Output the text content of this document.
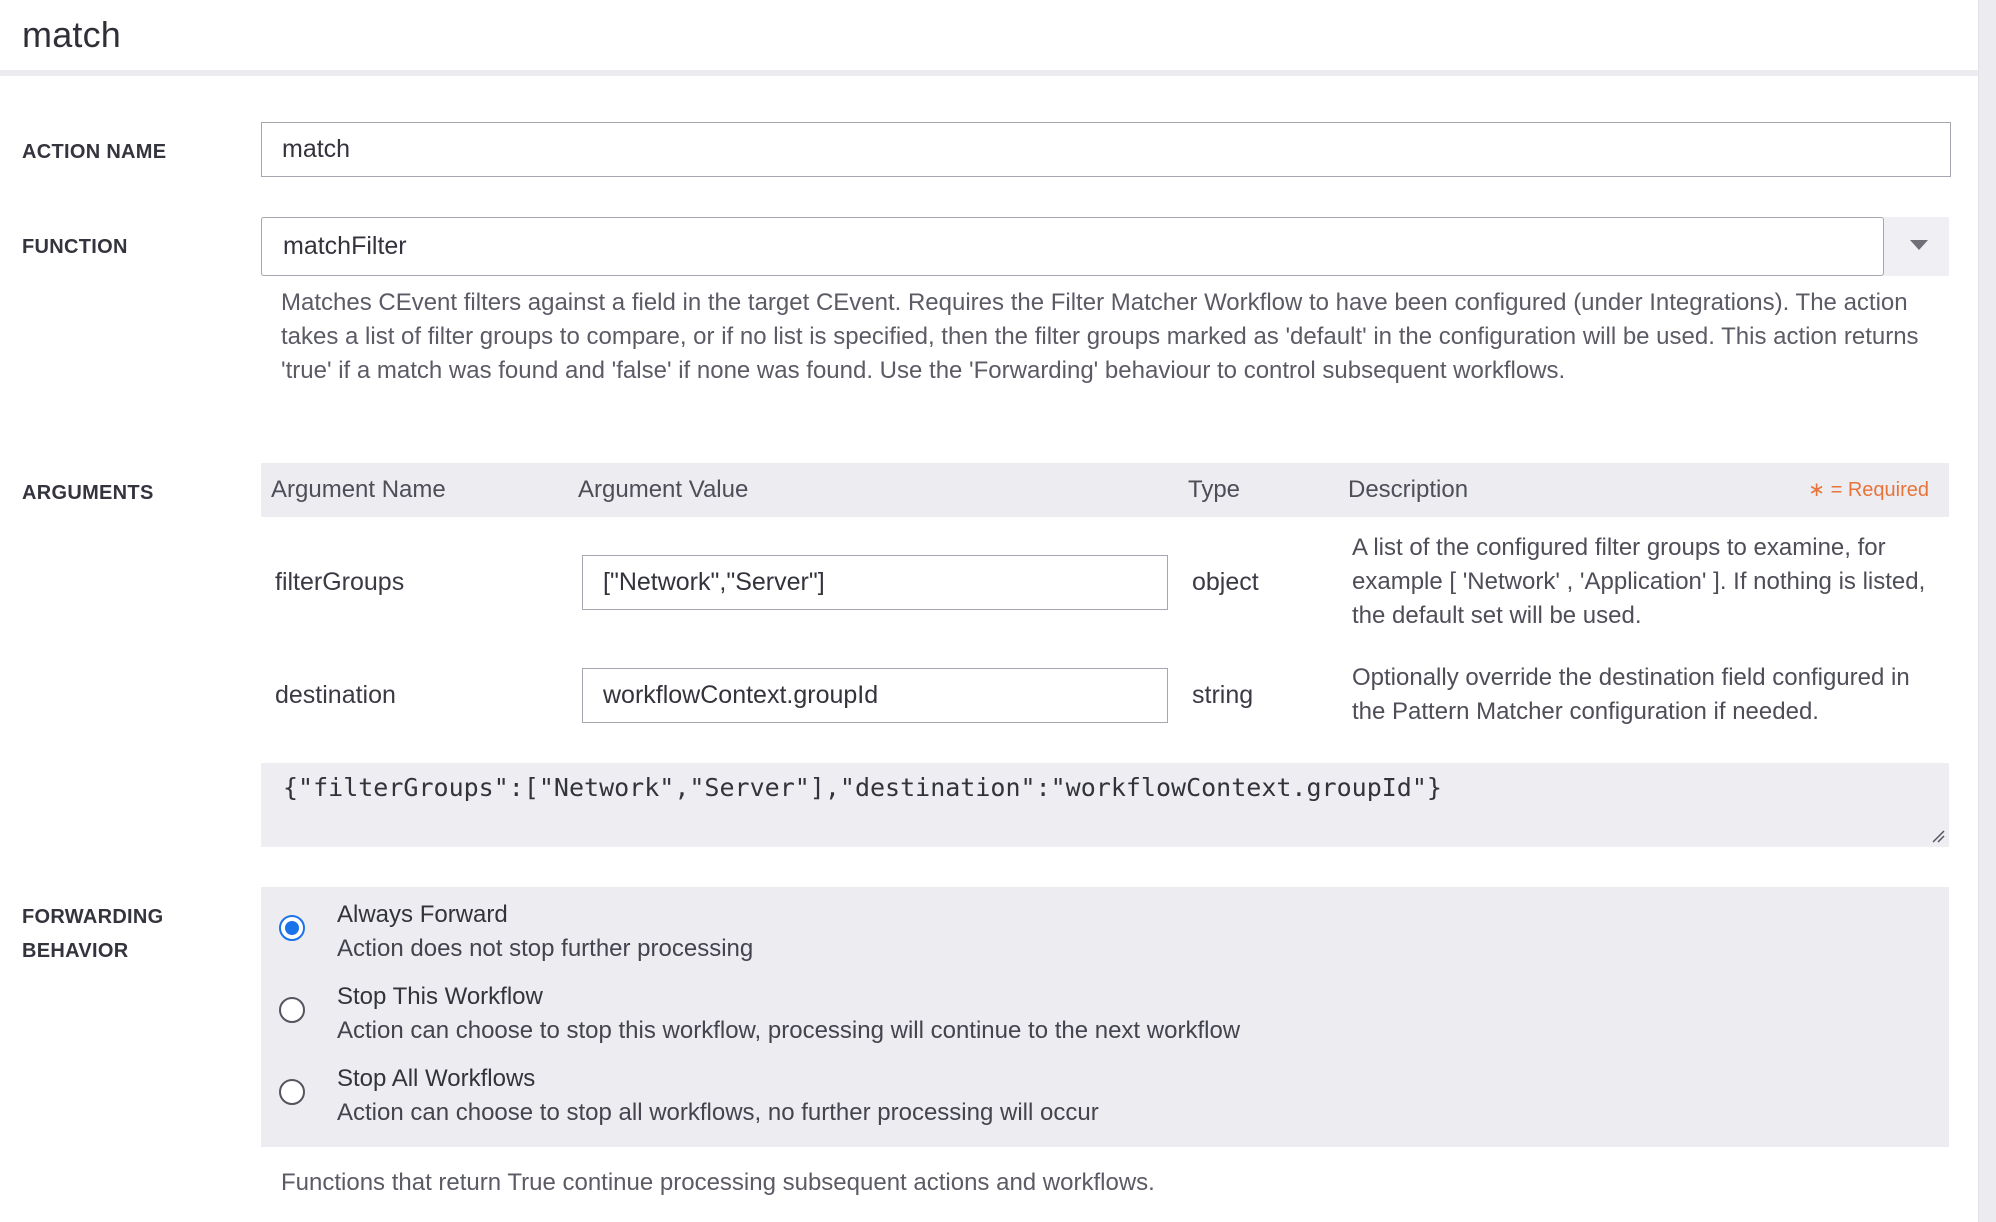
match
ACTION NAME	match
FUNCTION	matchFilter
Matches CEvent filters against a field in the target CEvent. Requires the Filter Matcher Workflow to have been configured (under Integrations). The action takes a list of filter groups to compare, or if no list is specified, then the filter groups marked as 'default' in the configuration will be used. This action returns 'true' if a match was found and 'false' if none was found. Use the 'Forwarding' behaviour to control subsequent workflows.
ARGUMENTS	Argument Name	Argument Value	Type	Description	∗ = Required
filterGroups	["Network","Server"]	object
A list of the configured filter groups to examine, for example [ 'Network' , 'Application' ]. If nothing is listed, the default set will be used.
destination	workflowContext.groupId	string
Optionally override the destination field configured in the Pattern Matcher configuration if needed.
{"filterGroups":["Network","Server"],"destination":"workflowContext.groupId"}
FORWARDING
BEHAVIOR
Always Forward
Action does not stop further processing
Stop This Workflow
Action can choose to stop this workflow, processing will continue to the next workflow
Stop All Workflows
Action can choose to stop all workflows, no further processing will occur
Functions that return True continue processing subsequent actions and workflows.
